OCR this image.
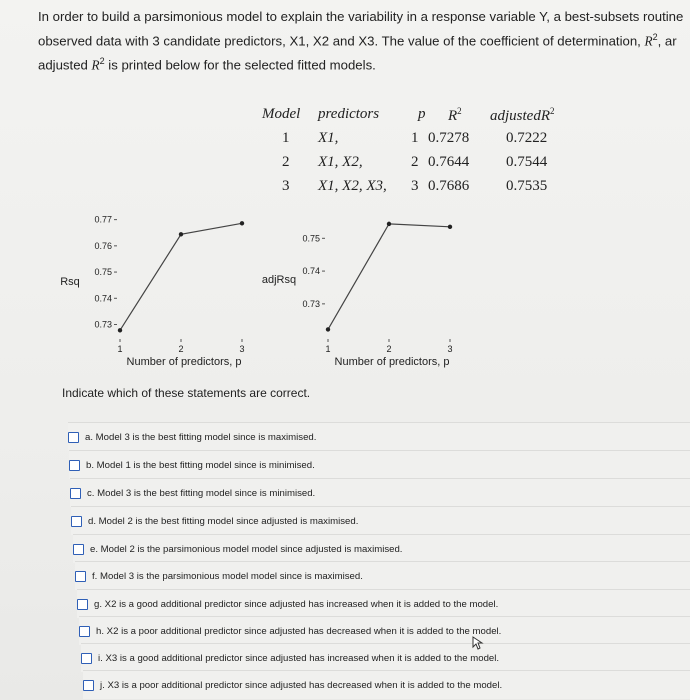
In order to build a parsimonious model to explain the variability in a response variable Y, a best-subsets routine
observed data with 3 candidate predictors, X1, X2 and X3. The value of the coefficient of determination, $R^2$, ar
adjusted $R^2$ is printed below for the selected fitted models.
Model predictors	p $R^2$ adjustedR$^2$
1 X1,	1 0.7278 0.7222
2 X1, X2,	2 0.7644 0.7544
3 X1, X2, X3, 3 0.7686 0.7535
0.73
0.74
0.75
0.76
0.77
1	2	3
Number of predictors, p
Rsq
0.73
0.74
0.75
1	2	3
Number of predictors, p
adjRsq
Indicate which of these statements are correct.
a. Model 3 is the best fitting model since is maximised.
b. Model 1 is the best fitting model since is minimised.
c. Model 3 is the best fitting model since is minimised.
d. Model 2 is the best fitting model since adjusted is maximised.
e. Model 2 is the parsimonious model model since adjusted is maximised.
f. Model 3 is the parsimonious model model since is maximised.
g. X2 is a good additional predictor since adjusted has increased when it is added to the model.
h. X2 is a poor additional predictor since adjusted has decreased when it is added to the model.
i. X3 is a good additional predictor since adjusted has increased when it is added to the model.
j. X3 is a poor additional predictor since adjusted has decreased when it is added to the model.
